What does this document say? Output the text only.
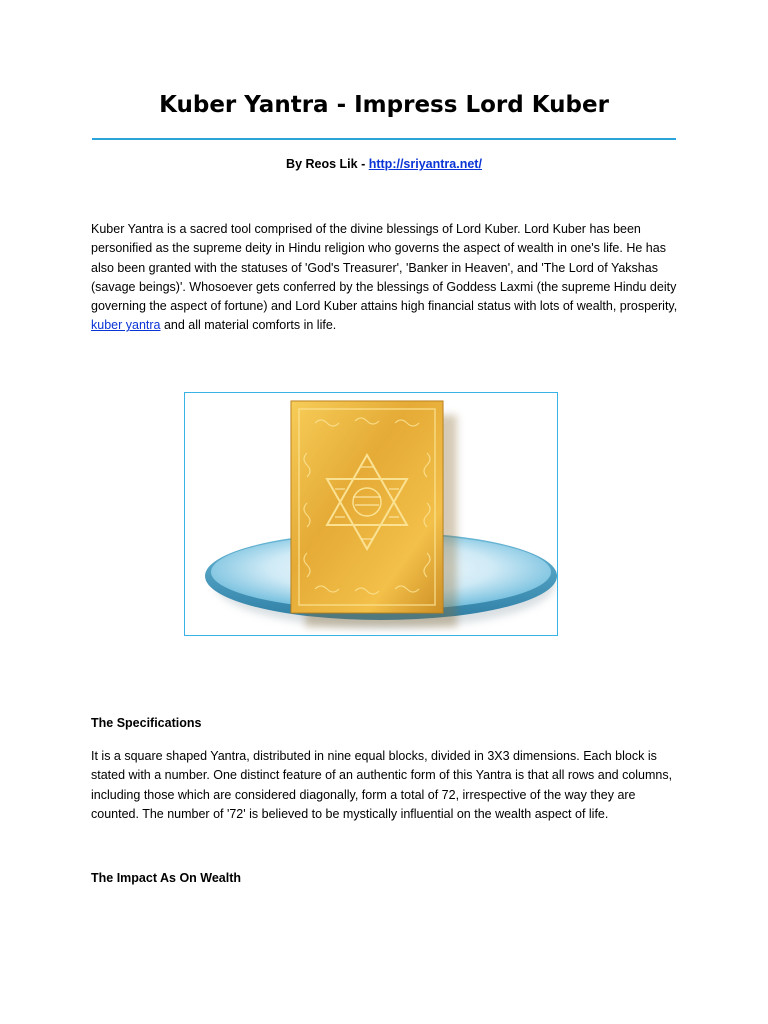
Kuber Yantra - Impress Lord Kuber
By Reos Lik - http://sriyantra.net/

Kuber Yantra is a sacred tool comprised of the divine blessings of Lord Kuber. Lord Kuber has been personified as the supreme deity in Hindu religion who governs the aspect of wealth in one's life. He has also been granted with the statuses of 'God's Treasurer', 'Banker in Heaven', and 'The Lord of Yakshas (savage beings)'. Whosoever gets conferred by the blessings of Goddess Laxmi (the supreme Hindu deity governing the aspect of fortune) and Lord Kuber attains high financial status with lots of wealth, prosperity, kuber yantra and all material comforts in life.

The Specifications

It is a square shaped Yantra, distributed in nine equal blocks, divided in 3X3 dimensions. Each block is stated with a number. One distinct feature of an authentic form of this Yantra is that all rows and columns, including those which are considered diagonally, form a total of 72, irrespective of the way they are counted. The number of '72' is believed to be mystically influential on the wealth aspect of life.

The Impact As On Wealth
